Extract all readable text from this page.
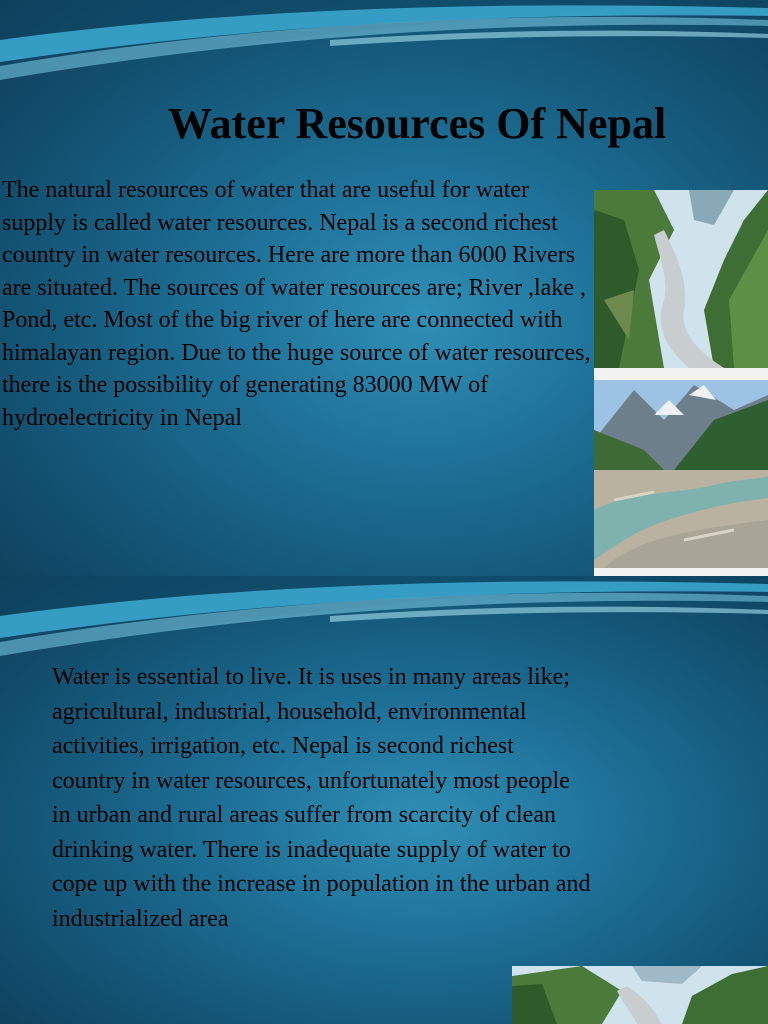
Water Resources Of Nepal

The natural resources of water that are useful for water supply is called water resources. Nepal is a second richest country in water resources. Here are more than 6000 Rivers are situated. The sources of water resources are; River ,lake , Pond, etc. Most of the big river of here are connected with himalayan region. Due to the huge source of water resources, there is the possibility of generating 83000 MW of hydroelectricity in Nepal

Water is essential to live. It is uses in many areas like; agricultural, industrial, household, environmental activities, irrigation, etc. Nepal is second richest country in water resources, unfortunately most people in urban and rural areas suffer from scarcity of clean drinking water. There is inadequate supply of water to cope up with the increase in population in the urban and industrialized area
